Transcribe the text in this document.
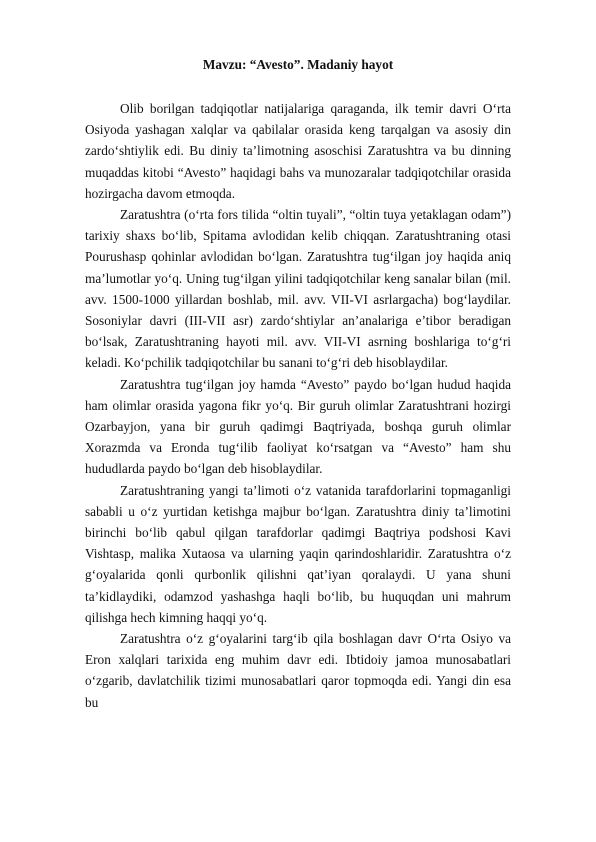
Mavzu: “Avesto”. Madaniy hayot

Olib borilgan tadqiqotlar natijalariga qaraganda, ilk temir davri O‘rta Osiyoda yashagan xalqlar va qabilalar orasida keng tarqalgan va asosiy din zardo‘shtiylik edi. Bu diniy ta’limotning asoschisi Zaratushtra va bu dinning muqaddas kitobi “Avesto” haqidagi bahs va munozaralar tadqiqotchilar orasida hozirgacha davom etmoqda.

Zaratushtra (o‘rta fors tilida “oltin tuyali”, “oltin tuya yetaklagan odam”) tarixiy shaxs bo‘lib, Spitama avlodidan kelib chiqqan. Zaratushtraning otasi Pourushasp qohinlar avlodidan bo‘lgan. Zaratushtra tug‘ilgan joy haqida aniq ma’lumotlar yo‘q. Uning tug‘ilgan yilini tadqiqotchilar keng sanalar bilan (mil. avv. 1500-1000 yillardan boshlab, mil. avv. VII-VI asrlargacha) bog‘laydilar. Sosoniylar davri (III-VII asr) zardo‘shtiylar an’analariga e’tibor beradigan bo‘lsak, Zaratushtraning hayoti mil. avv. VII-VI asrning boshlariga to‘g‘ri keladi. Ko‘pchilik tadqiqotchilar bu sanani to‘g‘ri deb hisoblaydilar.

Zaratushtra tug‘ilgan joy hamda “Avesto” paydo bo‘lgan hudud haqida ham olimlar orasida yagona fikr yo‘q. Bir guruh olimlar Zaratushtrani hozirgi Ozarbayjon, yana bir guruh qadimgi Baqtriyada, boshqa guruh olimlar Xorazmda va Eronda tug‘ilib faoliyat ko‘rsatgan va “Avesto” ham shu hududlarda paydo bo‘lgan deb hisoblaydilar.

Zaratushtraning yangi ta’limoti o‘z vatanida tarafdorlarini topmaganligi sababli u o‘z yurtidan ketishga majbur bo‘lgan. Zaratushtra diniy ta’limotini birinchi bo‘lib qabul qilgan tarafdorlar qadimgi Baqtriya podshosi Kavi Vishtasp, malika Xutaosa va ularning yaqin qarindoshlaridir. Zaratushtra o‘z g‘oyalarida qonli qurbonlik qilishni qat’iyan qoralaydi. U yana shuni ta’kidlaydiki, odamzod yashashga haqli bo‘lib, bu huquqdan uni mahrum qilishga hech kimning haqqi yo‘q.

Zaratushtra o‘z g‘oyalarini targ‘ib qila boshlagan davr O‘rta Osiyo va Eron xalqlari tarixida eng muhim davr edi. Ibtidoiy jamoa munosabatlari o‘zgarib, davlatchilik tizimi munosabatlari qaror topmoqda edi. Yangi din esa bu
